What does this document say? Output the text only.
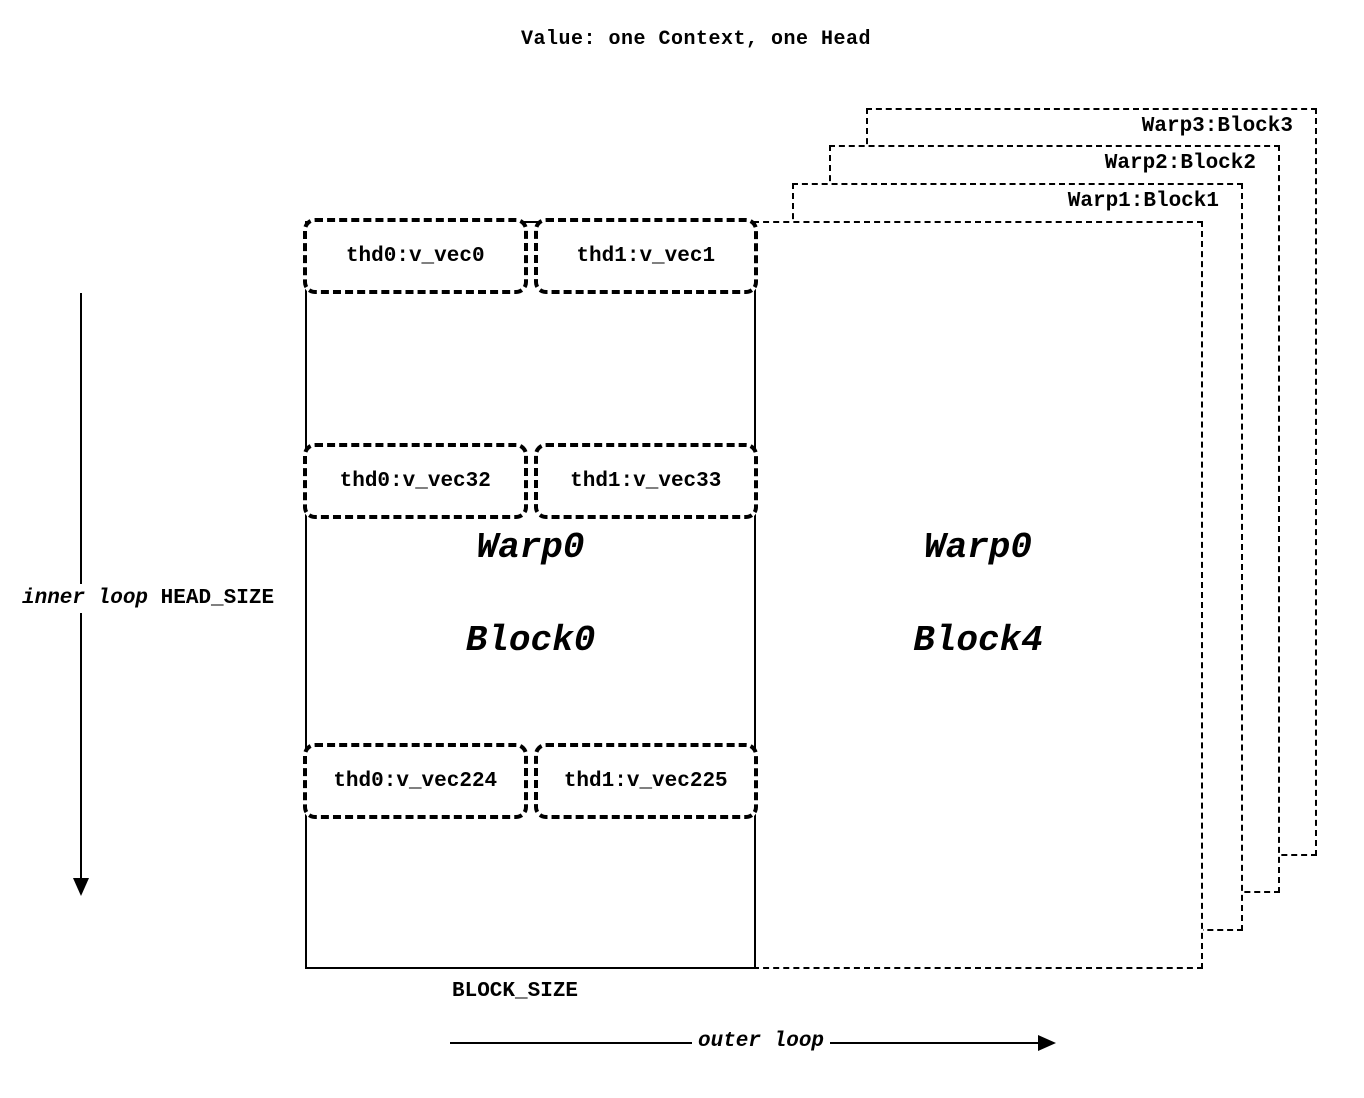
Value: one Context, one Head
Warp3:Block3
Warp2:Block2
Warp1:Block1

Warp0

Block4

Warp0

Block0

thd0:v_vec0	thd1:v_vec1
thd0:v_vec32	thd1:v_vec33
thd0:v_vec224	thd1:v_vec225
inner loop HEAD_SIZE
BLOCK_SIZE
outer loop
